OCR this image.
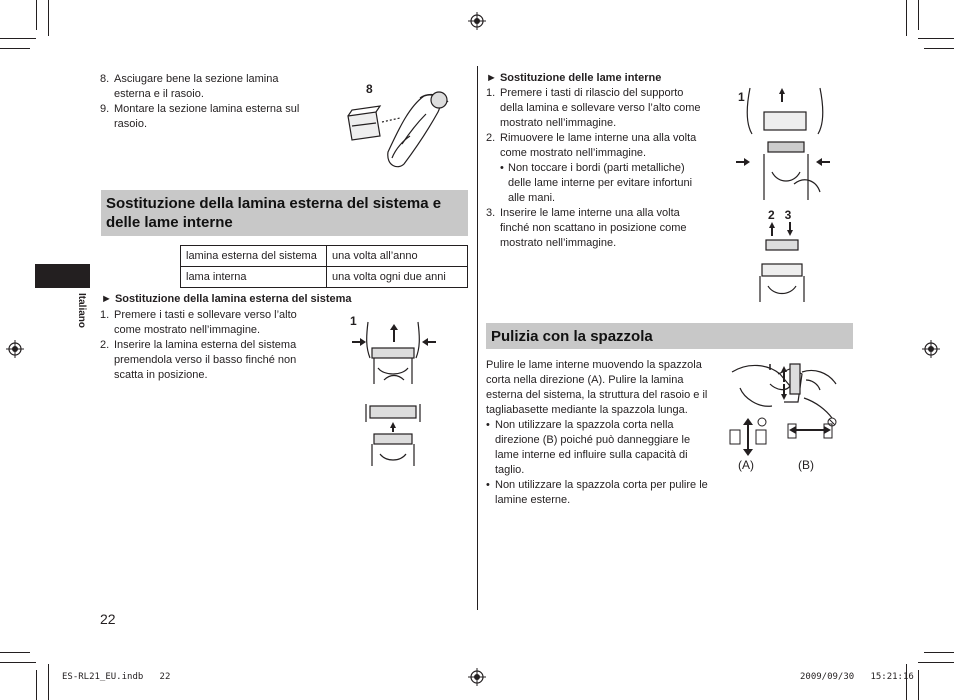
Italiano
8. Asciugare bene la sezione lamina esterna e il rasoio.
9. Montare la sezione lamina esterna sul rasoio.
8
Sostituzione della lamina esterna del sistema e delle lame interne
lamina esterna del sistema	una volta all’anno
lama interna	una volta ogni due anni
► Sostituzione della lamina esterna del sistema
1. Premere i tasti e sollevare verso l’alto come mostrato nell’immagine.
2. Inserire la lamina esterna del sistema premendola verso il basso finché non scatta in posizione.
1
22
► Sostituzione delle lame interne
1. Premere i tasti di rilascio del supporto della lamina e sollevare verso l’alto come mostrato nell’immagine.
2. Rimuovere le lame interne una alla volta come mostrato nell’immagine.
• Non toccare i bordi (parti metalliche) delle lame interne per evitare infortuni alle mani.
3. Inserire le lame interne una alla volta finché non scattano in posizione come mostrato nell’immagine.
1
2   3
Pulizia con la spazzola
Pulire le lame interne muovendo la spazzola corta nella direzione (A). Pulire la lamina esterna del sistema, la struttura del rasoio e il tagliabasette mediante la spazzola lunga.
• Non utilizzare la spazzola corta nella direzione (B) poiché può danneggiare le lame interne ed influire sulla capacità di taglio.
• Non utilizzare la spazzola corta per pulire le lamine esterne.
(A)	(B)
ES-RL21_EU.indb   22	2009/09/30   15:21:16
